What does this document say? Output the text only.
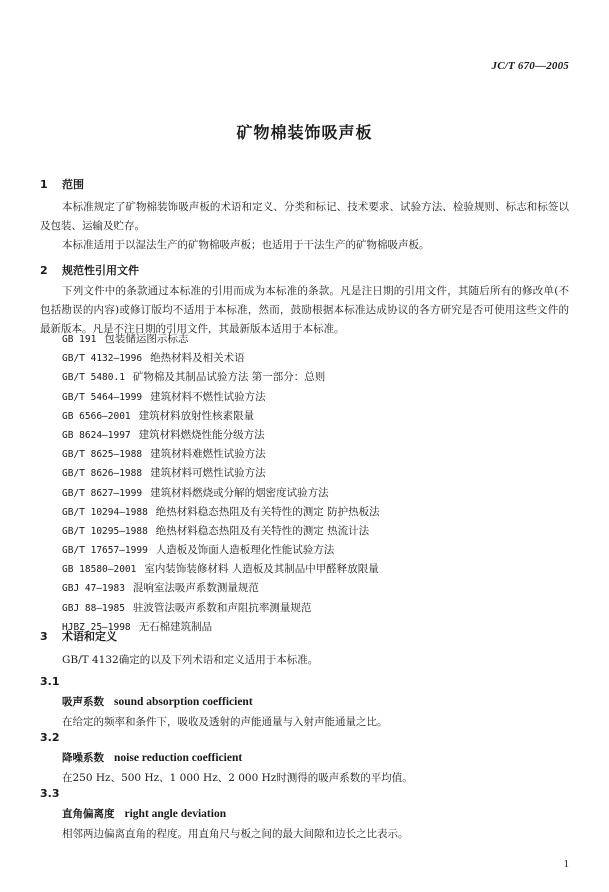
JC/T 670—2005
矿物棉装饰吸声板
1 范围

本标准规定了矿物棉装饰吸声板的术语和定义、分类和标记、技术要求、试验方法、检验规则、标志和标签以及包装、运输及贮存。

本标准适用于以湿法生产的矿物棉吸声板；也适用于干法生产的矿物棉吸声板。

2 规范性引用文件

下列文件中的条款通过本标准的引用而成为本标准的条款。凡是注日期的引用文件，其随后所有的修改单(不包括勘误的内容)或修订版均不适用于本标准，然而，鼓励根据本标准达成协议的各方研究是否可使用这些文件的最新版本。凡是不注日期的引用文件，其最新版本适用于本标准。

GB 191 包装储运图示标志
GB/T 4132—1996 绝热材料及相关术语
GB/T 5480.1 矿物棉及其制品试验方法 第一部分：总则
GB/T 5464—1999 建筑材料不燃性试验方法
GB 6566—2001 建筑材料放射性核素限量
GB 8624—1997 建筑材料燃烧性能分级方法
GB/T 8625—1988 建筑材料难燃性试验方法
GB/T 8626—1988 建筑材料可燃性试验方法
GB/T 8627—1999 建筑材料燃烧或分解的烟密度试验方法
GB/T 10294—1988 绝热材料稳态热阻及有关特性的测定 防护热板法
GB/T 10295—1988 绝热材料稳态热阻及有关特性的测定 热流计法
GB/T 17657—1999 人造板及饰面人造板理化性能试验方法
GB 18580—2001 室内装饰装修材料 人造板及其制品中甲醛释放限量
GBJ 47—1983 混响室法吸声系数测量规范
GBJ 88—1985 驻波管法吸声系数和声阻抗率测量规范
HJBZ 25—1998 无石棉建筑制品
3 术语和定义
GB/T 4132确定的以及下列术语和定义适用于本标准。
3.1
吸声系数 sound absorption coefficient
在给定的频率和条件下，吸收及透射的声能通量与入射声能通量之比。
3.2
降噪系数 noise reduction coefficient
在250 Hz、500 Hz、1 000 Hz、2 000 Hz时测得的吸声系数的平均值。
3.3
直角偏离度 right angle deviation
相邻两边偏离直角的程度。用直角尺与板之间的最大间隙和边长之比表示。
1
